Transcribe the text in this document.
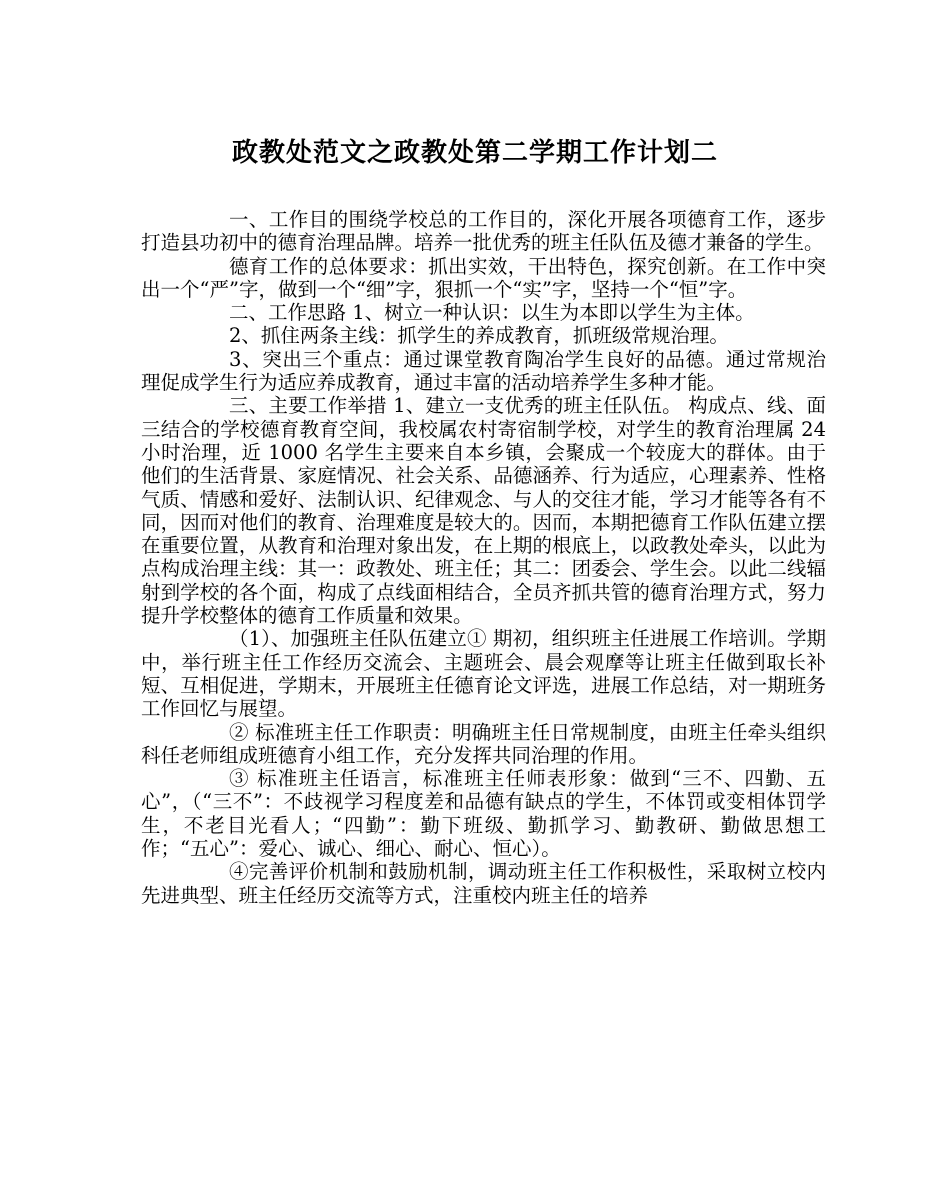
政教处范文之政教处第二学期工作计划二

一、工作目的围绕学校总的工作目的，深化开展各项德育工作，逐步打造县功初中的德育治理品牌。培养一批优秀的班主任队伍及德才兼备的学生。

德育工作的总体要求：抓出实效，干出特色，探究创新。在工作中突出一个“严”字，做到一个“细”字，狠抓一个“实”字，坚持一个“恒”字。

二、工作思路 1、树立一种认识：以生为本即以学生为主体。

2、抓住两条主线：抓学生的养成教育，抓班级常规治理。

3、突出三个重点：通过课堂教育陶冶学生良好的品德。通过常规治理促成学生行为适应养成教育，通过丰富的活动培养学生多种才能。

三、主要工作举措 1、建立一支优秀的班主任队伍。 构成点、线、面三结合的学校德育教育空间，我校属农村寄宿制学校，对学生的教育治理属 24 小时治理，近 1000 名学生主要来自本乡镇，会聚成一个较庞大的群体。由于他们的生活背景、家庭情况、社会关系、品德涵养、行为适应，心理素养、性格气质、情感和爱好、法制认识、纪律观念、与人的交往才能，学习才能等各有不同，因而对他们的教育、治理难度是较大的。因而，本期把德育工作队伍建立摆在重要位置，从教育和治理对象出发，在上期的根底上，以政教处牵头，以此为点构成治理主线：其一：政教处、班主任；其二：团委会、学生会。以此二线辐射到学校的各个面，构成了点线面相结合，全员齐抓共管的德育治理方式，努力提升学校整体的德育工作质量和效果。

（1）、加强班主任队伍建立① 期初，组织班主任进展工作培训。学期中，举行班主任工作经历交流会、主题班会、晨会观摩等让班主任做到取长补短、互相促进，学期末，开展班主任德育论文评选，进展工作总结，对一期班务工作回忆与展望。

② 标准班主任工作职责：明确班主任日常规制度，由班主任牵头组织科任老师组成班德育小组工作，充分发挥共同治理的作用。

③ 标准班主任语言，标准班主任师表形象：做到“三不、四勤、五心”，（“三不”：不歧视学习程度差和品德有缺点的学生，不体罚或变相体罚学生，不老目光看人；“四勤”：勤下班级、勤抓学习、勤教研、勤做思想工作；“五心”：爱心、诚心、细心、耐心、恒心）。

④完善评价机制和鼓励机制，调动班主任工作积极性，采取树立校内先进典型、班主任经历交流等方式，注重校内班主任的培养
